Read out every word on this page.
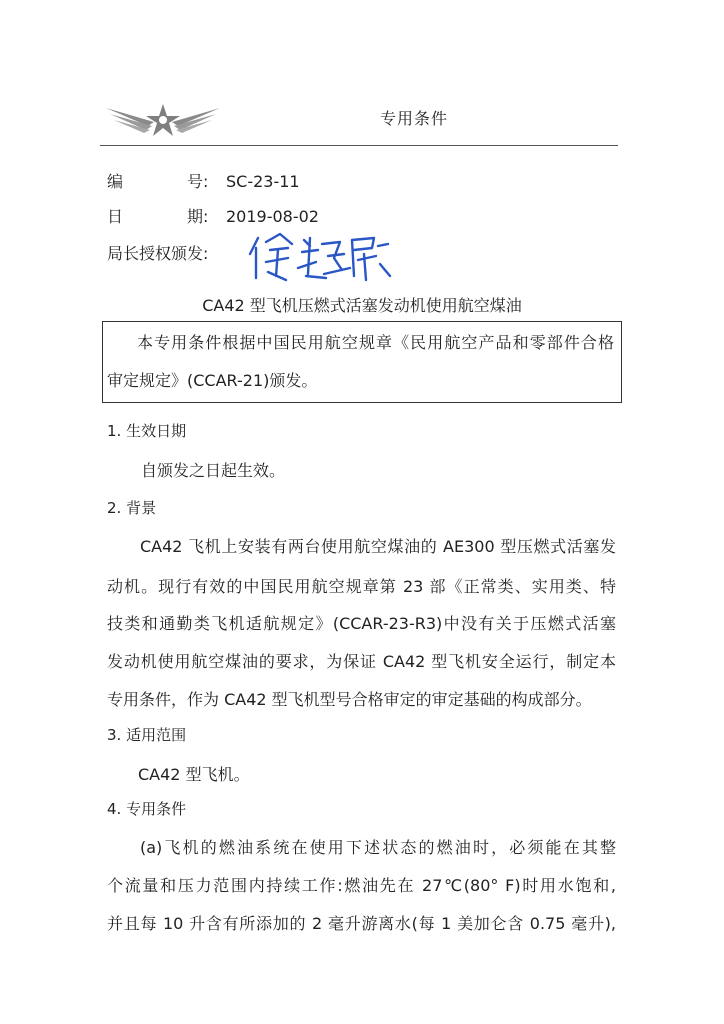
专用条件
编	号: SC-23-11
日	期: 2019-08-02
局长授权颁发:
CA42 型飞机压燃式活塞发动机使用航空煤油
本专用条件根据中国民用航空规章《民用航空产品和零部件合格
审定规定》(CCAR-21)颁发。
1. 生效日期
自颁发之日起生效。
2. 背景
CA42 飞机上安装有两台使用航空煤油的 AE300 型压燃式活塞发
动机。现行有效的中国民用航空规章第 23 部《正常类、实用类、特
技类和通勤类飞机适航规定》(CCAR-23-R3)中没有关于压燃式活塞
发动机使用航空煤油的要求，为保证 CA42 型飞机安全运行，制定本
专用条件，作为 CA42 型飞机型号合格审定的审定基础的构成部分。
3. 适用范围
CA42 型飞机。
4. 专用条件
(a)飞机的燃油系统在使用下述状态的燃油时，必须能在其整
个流量和压力范围内持续工作:燃油先在 27℃(80° F)时用水饱和,
并且每 10 升含有所添加的 2 毫升游离水(每 1 美加仑含 0.75 毫升),
